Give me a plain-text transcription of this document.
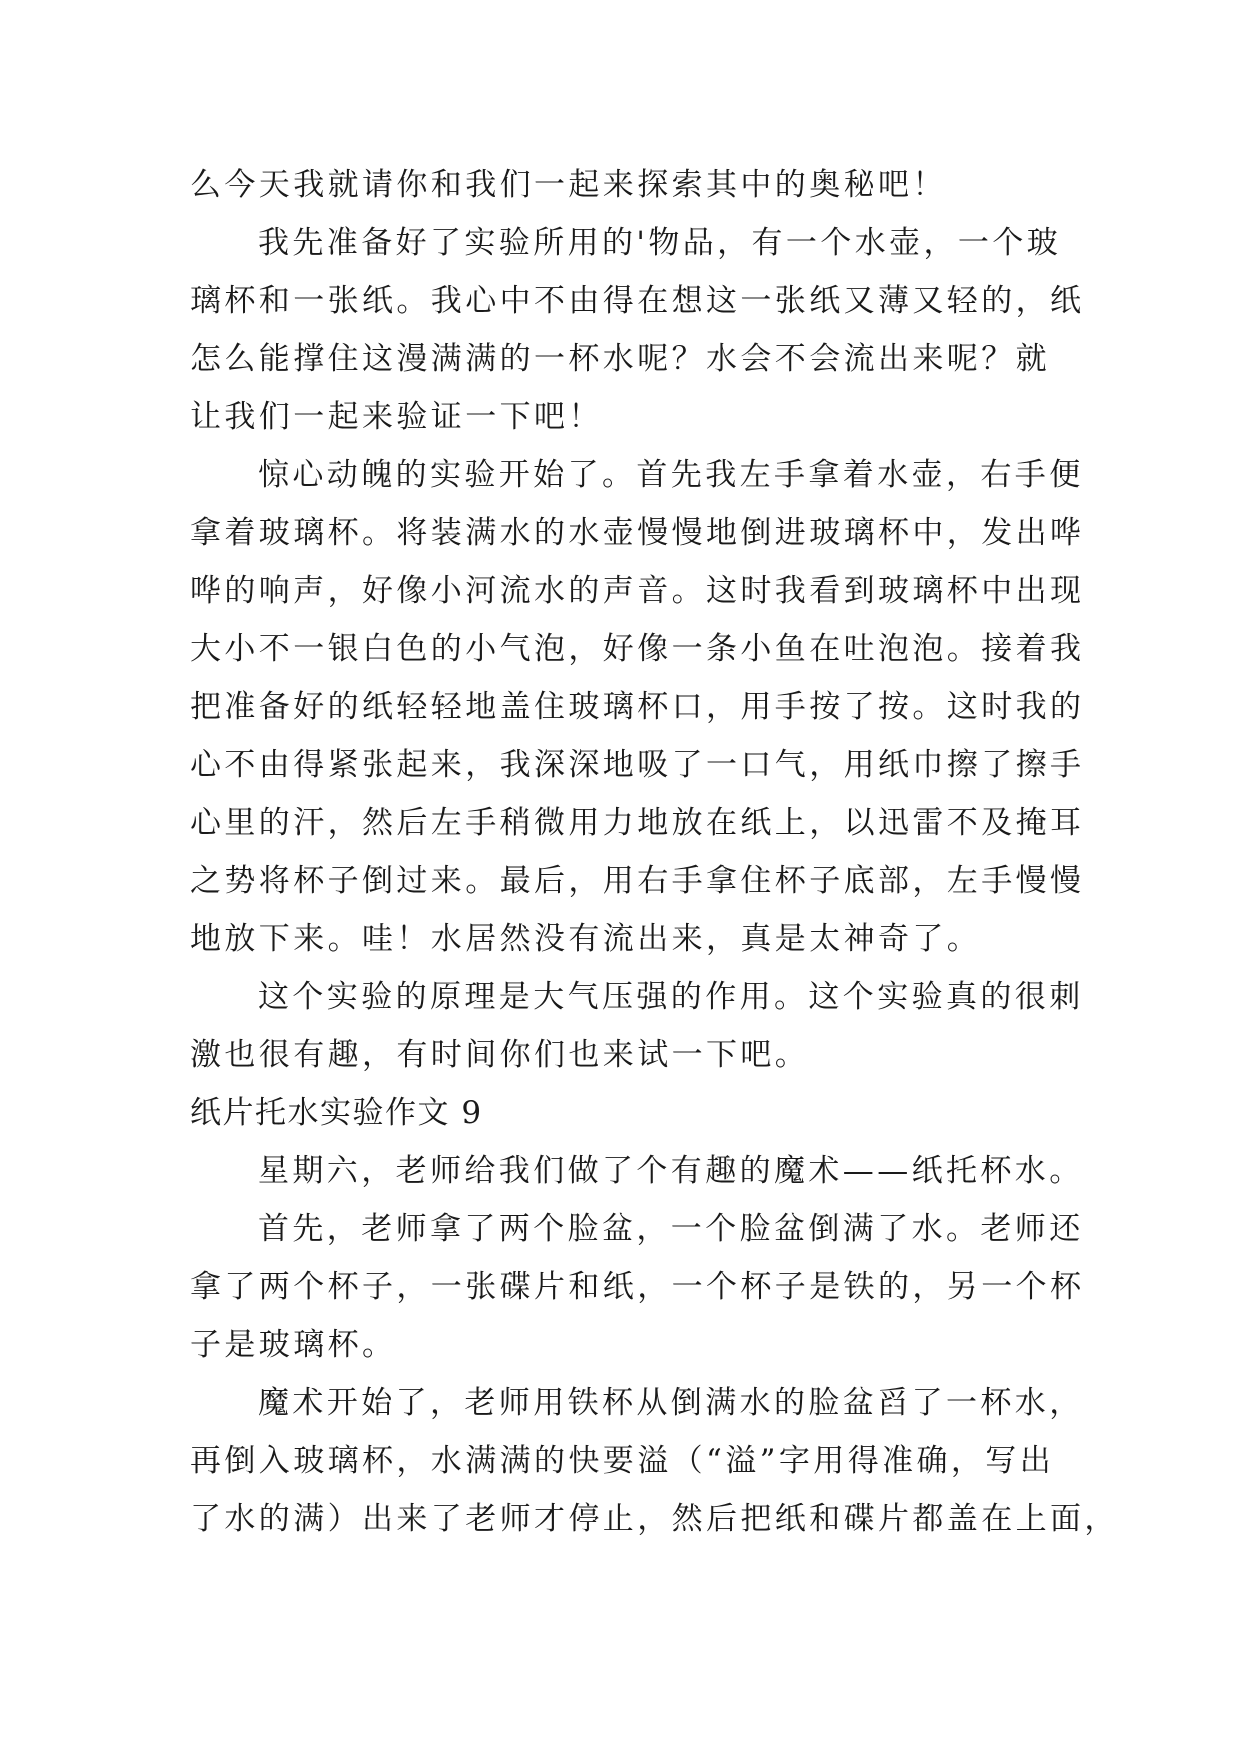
么今天我就请你和我们一起来探索其中的奥秘吧！
我先准备好了实验所用的'物品，有一个水壶，一个玻
璃杯和一张纸。我心中不由得在想这一张纸又薄又轻的，纸
怎么能撑住这漫满满的一杯水呢？水会不会流出来呢？就
让我们一起来验证一下吧！
惊心动魄的实验开始了。首先我左手拿着水壶，右手便
拿着玻璃杯。将装满水的水壶慢慢地倒进玻璃杯中，发出哗
哗的响声，好像小河流水的声音。这时我看到玻璃杯中出现
大小不一银白色的小气泡，好像一条小鱼在吐泡泡。接着我
把准备好的纸轻轻地盖住玻璃杯口，用手按了按。这时我的
心不由得紧张起来，我深深地吸了一口气，用纸巾擦了擦手
心里的汗，然后左手稍微用力地放在纸上，以迅雷不及掩耳
之势将杯子倒过来。最后，用右手拿住杯子底部，左手慢慢
地放下来。哇！水居然没有流出来，真是太神奇了。
这个实验的原理是大气压强的作用。这个实验真的很刺
激也很有趣，有时间你们也来试一下吧。
纸片托水实验作文 9
星期六，老师给我们做了个有趣的魔术——纸托杯水。
首先，老师拿了两个脸盆，一个脸盆倒满了水。老师还
拿了两个杯子，一张碟片和纸，一个杯子是铁的，另一个杯
子是玻璃杯。
魔术开始了，老师用铁杯从倒满水的脸盆舀了一杯水，
再倒入玻璃杯，水满满的快要溢（“溢”字用得准确，写出
了水的满）出来了老师才停止，然后把纸和碟片都盖在上面，
